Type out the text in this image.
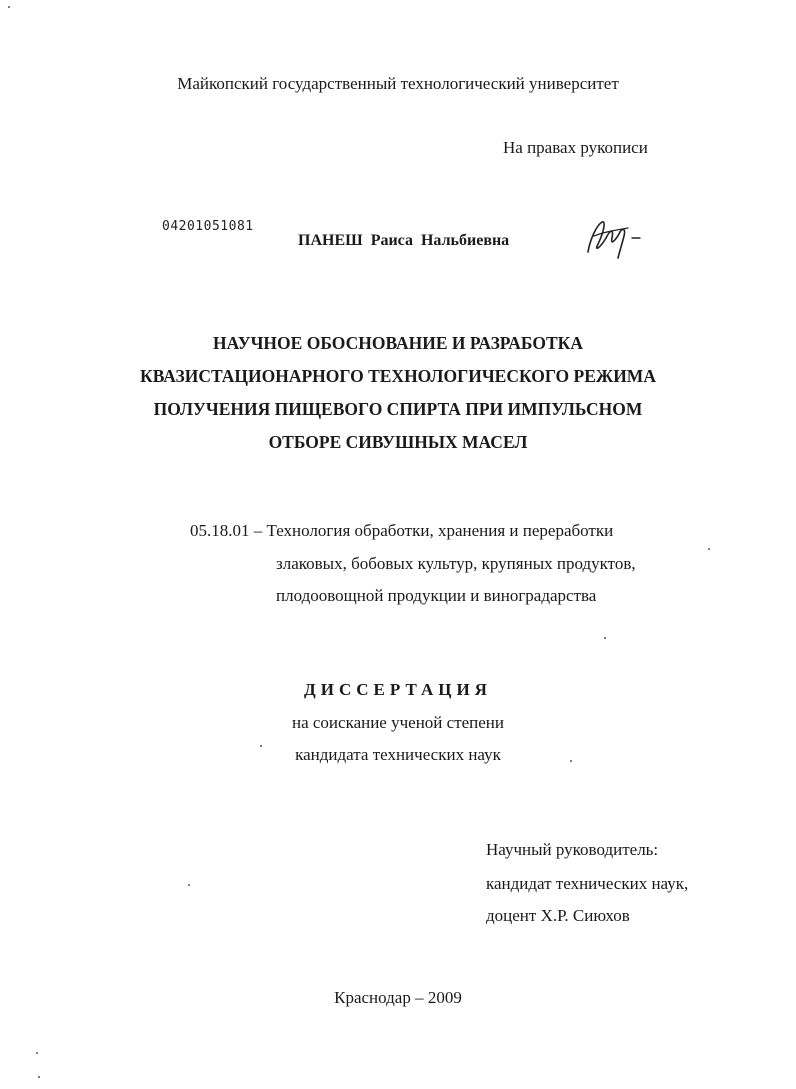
Майкопский государственный технологический университет
На правах рукописи
04201051081
ПАНЕШ Раиса Нальбиевна
НАУЧНОЕ ОБОСНОВАНИЕ И РАЗРАБОТКА
КВАЗИСТАЦИОНАРНОГО ТЕХНОЛОГИЧЕСКОГО РЕЖИМА
ПОЛУЧЕНИЯ ПИЩЕВОГО СПИРТА ПРИ ИМПУЛЬСНОМ
ОТБОРЕ СИВУШНЫХ МАСЕЛ
05.18.01 – Технология обработки, хранения и переработки
злаковых, бобовых культур, крупяных продуктов,
плодоовощной продукции и виноградарства
ДИССЕРТАЦИЯ
на соискание ученой степени
кандидата технических наук
Научный руководитель:
кандидат технических наук,
доцент Х.Р. Сиюхов
Краснодар – 2009
